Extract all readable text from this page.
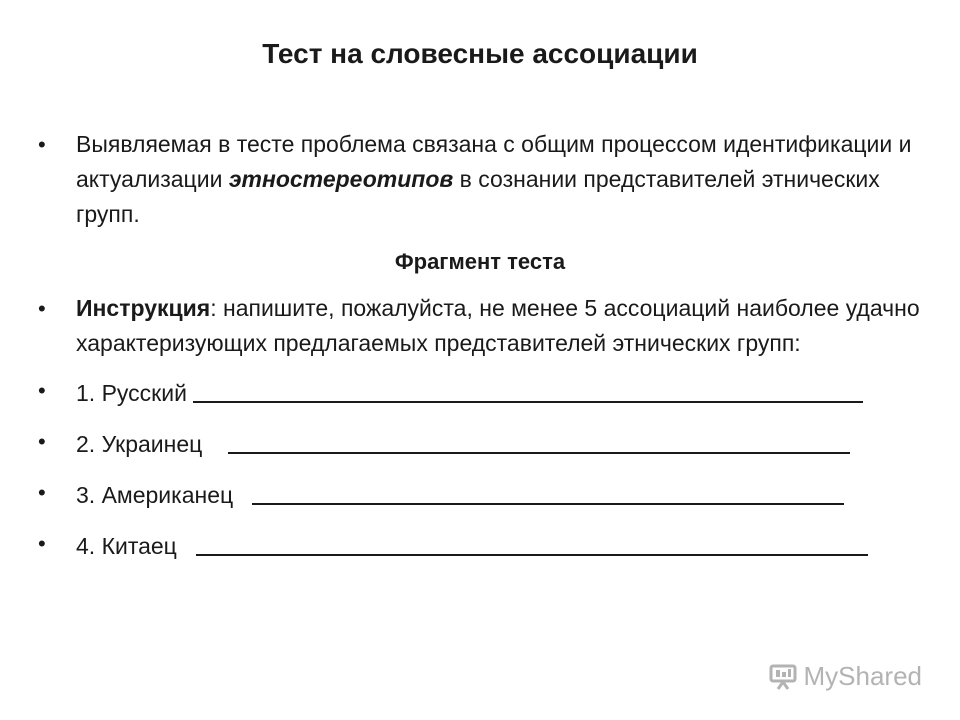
Тест на словесные ассоциации

• Выявляемая в тесте проблема связана с общим процессом идентификации и актуализации этностереотипов в сознании представителей этнических групп.

Фрагмент теста

• Инструкция: напишите, пожалуйста, не менее 5 ассоциаций наиболее удачно характеризующих предлагаемых представителей этнических групп:

• 1. Русский

• 2. Украинец

• 3. Американец

• 4. Китаец

MyShared
